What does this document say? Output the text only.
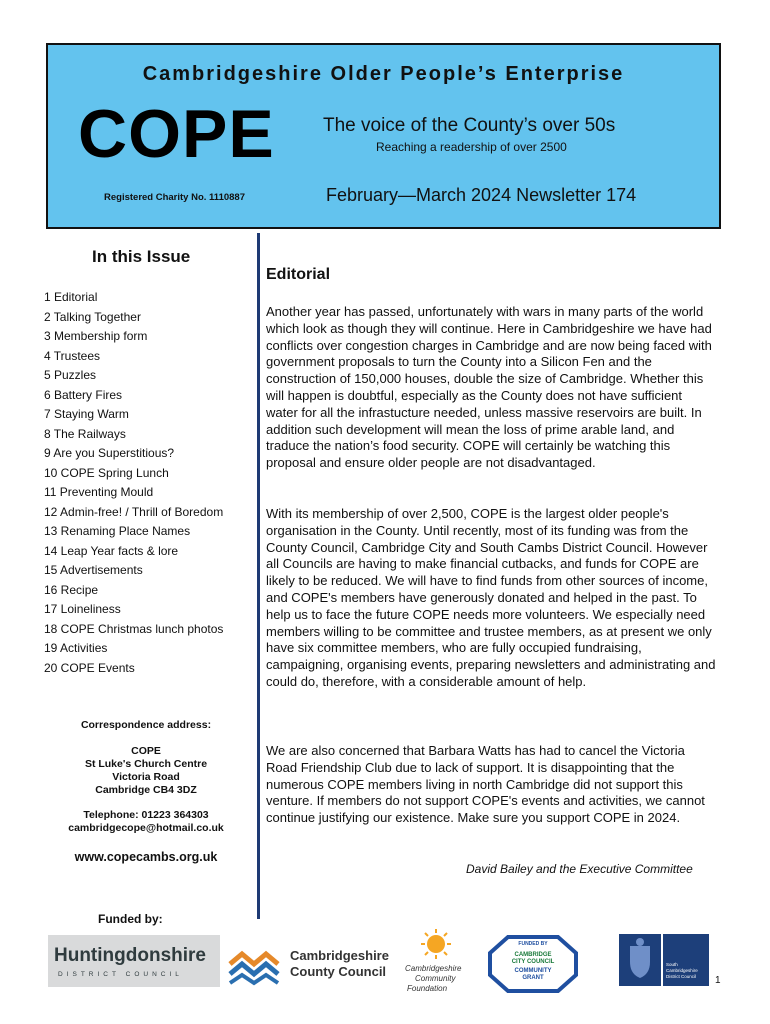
Cambridgeshire Older People’s Enterprise
COPE	The voice of the County’s over 50s
Reaching a readership of over 2500
Registered Charity No. 1110887	February—March 2024 Newsletter 174
In this Issue
1 Editorial
2 Talking Together
3 Membership form
4 Trustees
5 Puzzles
6 Battery Fires
7 Staying Warm
8 The Railways
9 Are you Superstitious?
10 COPE Spring Lunch
11 Preventing Mould
12 Admin-free! / Thrill of Boredom
13 Renaming Place Names
14 Leap Year facts & lore
15 Advertisements
16 Recipe
17 Loineliness
18 COPE Christmas lunch photos
19 Activities
20 COPE Events
Correspondence address:
COPE
St Luke's Church Centre
Victoria Road
Cambridge CB4 3DZ
Telephone: 01223 364303
cambridgecope@hotmail.co.uk
www.copecambs.org.uk
Funded by:
Editorial

Another year has passed, unfortunately with wars in many parts of the world which look as though they will continue. Here in Cambridgeshire we have had conflicts over congestion charges in Cambridge and are now being faced with government proposals to turn the County into a Silicon Fen and the construction of 150,000 houses, double the size of Cambridge. Whether this will happen is doubtful, especially as the County does not have sufficient water for all the infrastucture needed, unless massive reservoirs are built. In addition such development will mean the loss of prime arable land, and traduce the nation’s food security. COPE will certainly be watching this proposal and ensure older people are not disadvantaged.

With its membership of over 2,500, COPE is the largest older people's organisation in the County. Until recently, most of its funding was from the County Council, Cambridge City and South Cambs District Council. However all Councils are having to make financial cutbacks, and funds for COPE are likely to be reduced. We will have to find funds from other sources of income, and COPE's members have generously donated and helped in the past. To help us to face the future COPE needs more volunteers. We especially need members willing to be committee and trustee members, as at present we only have six committee members, who are fully occupied fundraising, campaigning, organising events, preparing newsletters and administrating and could do, therefore, with a considerable amount of help.

We are also concerned that Barbara Watts has had to cancel the Victoria Road Friendship Club due to lack of support. It is disappointing that the numerous COPE members living in north Cambridge did not support this venture. If members do not support COPE's events and activities, we cannot continue justifying our existence. Make sure you support COPE in 2024.

David Bailey and the Executive Committee
Huntingdonshire
DISTRICT COUNCIL
Cambridgeshire
County Council Cambridgeshire
Community
Foundation
FUNDED BY
CAMBRIDGE
CITY COUNCIL
COMMUNITY
GRANT
South
Cambridgeshire
District Council 1
